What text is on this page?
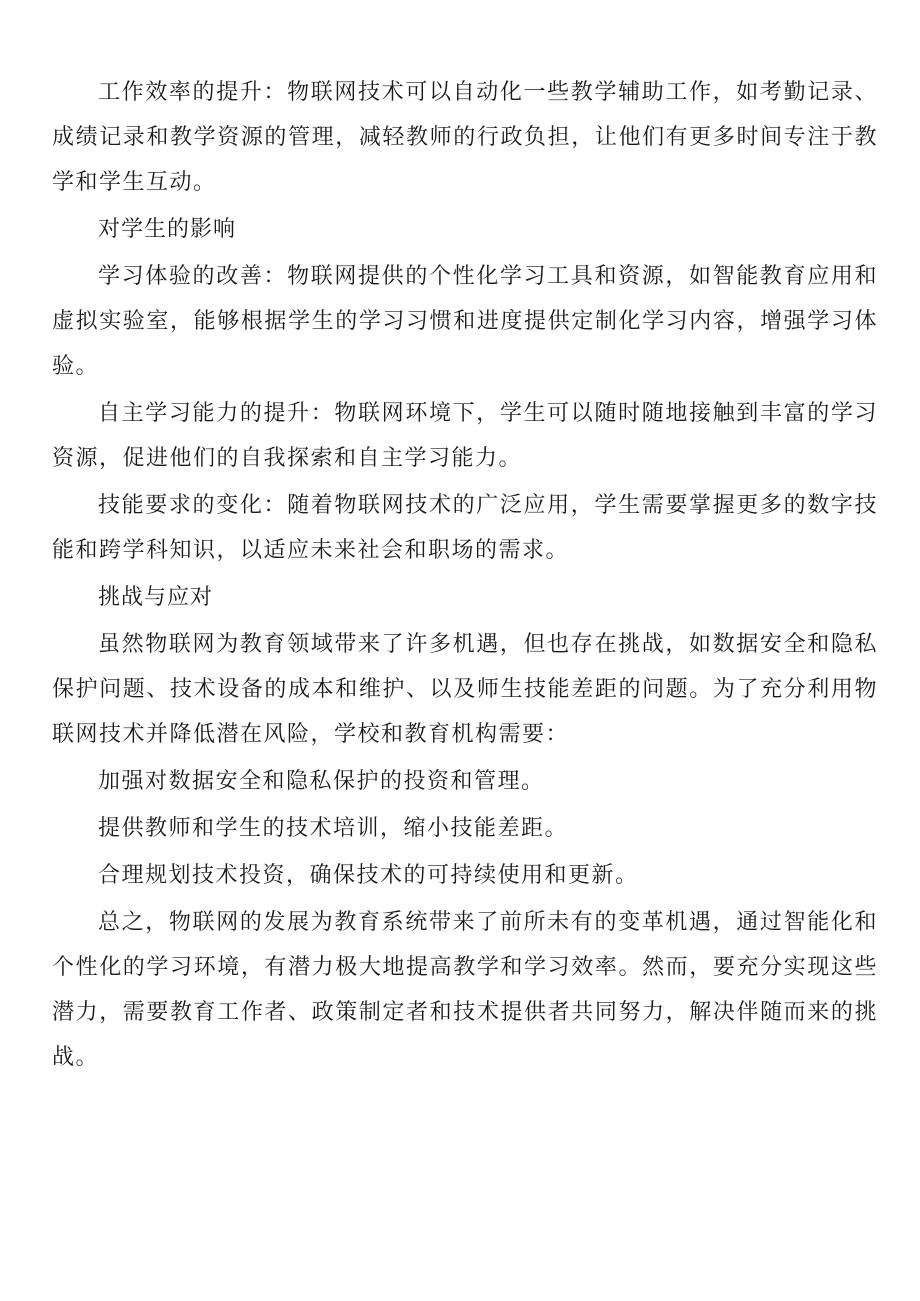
工作效率的提升：物联网技术可以自动化一些教学辅助工作，如考勤记录、成绩记录和教学资源的管理，减轻教师的行政负担，让他们有更多时间专注于教学和学生互动。

对学生的影响

学习体验的改善：物联网提供的个性化学习工具和资源，如智能教育应用和虚拟实验室，能够根据学生的学习习惯和进度提供定制化学习内容，增强学习体验。

自主学习能力的提升：物联网环境下，学生可以随时随地接触到丰富的学习资源，促进他们的自我探索和自主学习能力。

技能要求的变化：随着物联网技术的广泛应用，学生需要掌握更多的数字技能和跨学科知识，以适应未来社会和职场的需求。

挑战与应对

虽然物联网为教育领域带来了许多机遇，但也存在挑战，如数据安全和隐私保护问题、技术设备的成本和维护、以及师生技能差距的问题。为了充分利用物联网技术并降低潜在风险，学校和教育机构需要：

加强对数据安全和隐私保护的投资和管理。

提供教师和学生的技术培训，缩小技能差距。

合理规划技术投资，确保技术的可持续使用和更新。

总之，物联网的发展为教育系统带来了前所未有的变革机遇，通过智能化和个性化的学习环境，有潜力极大地提高教学和学习效率。然而，要充分实现这些潜力，需要教育工作者、政策制定者和技术提供者共同努力，解决伴随而来的挑战。
